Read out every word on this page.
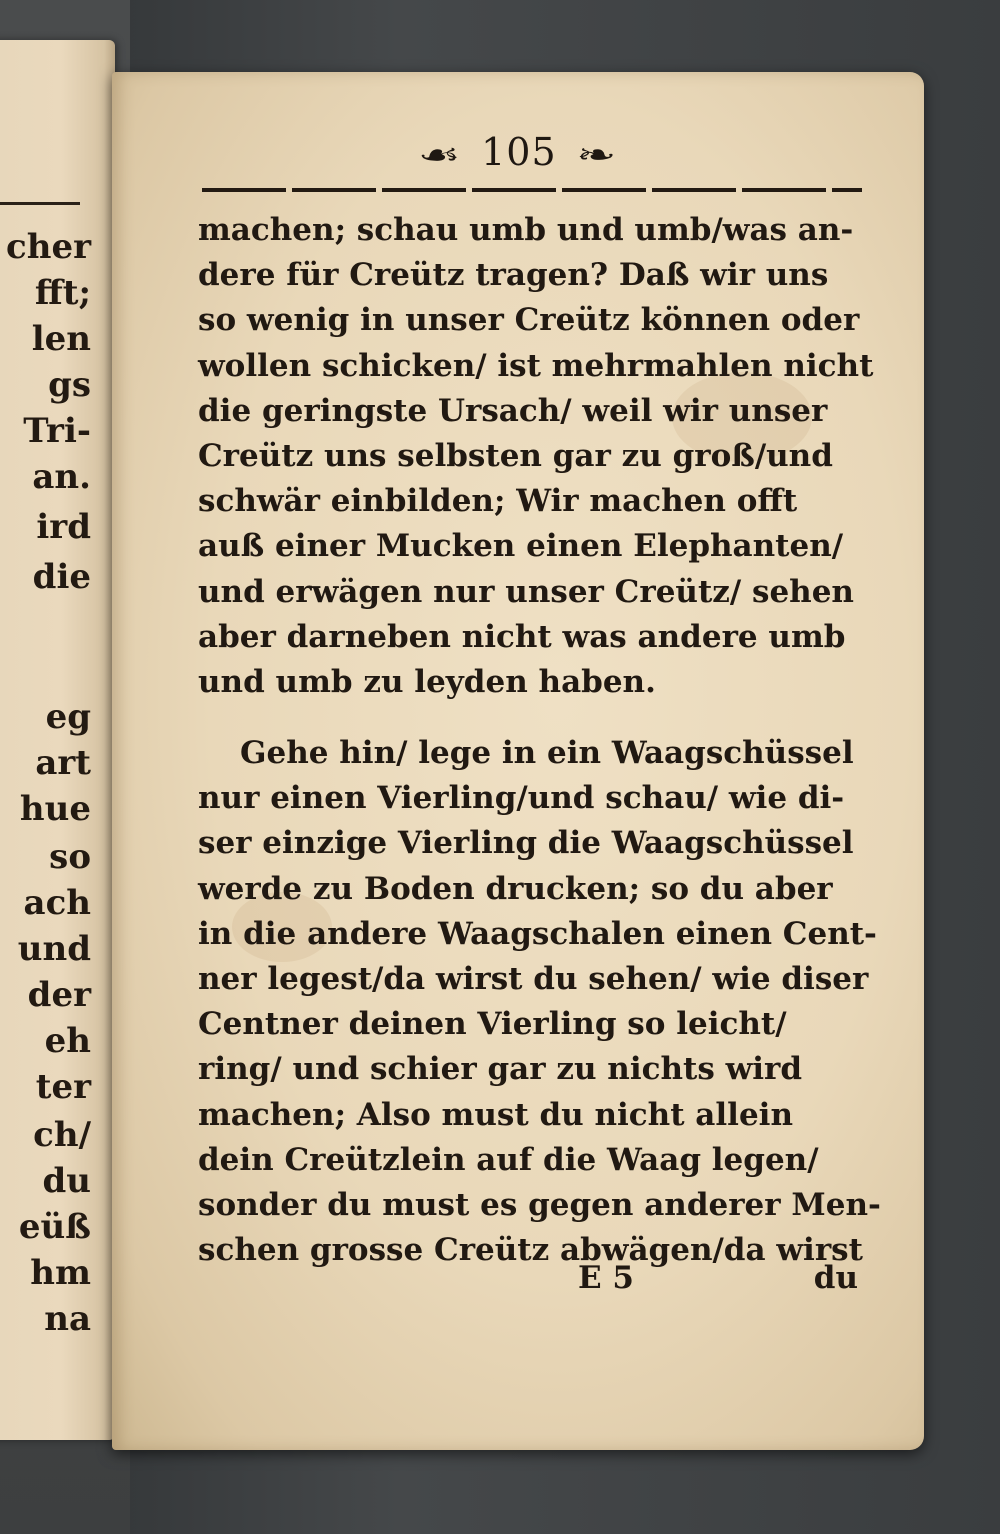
cher
fft;
len
gs
Tri-
an.
ird
die
eg
art
hue
so
ach
und
der
eh
ter
ch/
du
eüß
hm
na
☙ 105 ❧
machen; schau umb und umb/was an-
dere für Creütz tragen? Daß wir uns
so wenig in unser Creütz können oder
wollen schicken/ ist mehrmahlen nicht
die geringste Ursach/ weil wir unser
Creütz uns selbsten gar zu groß/und
schwär einbilden; Wir machen offt
auß einer Mucken einen Elephanten/
und erwägen nur unser Creütz/ sehen
aber darneben nicht was andere umb
und umb zu leyden haben.
Gehe hin/ lege in ein Waagschüssel
nur einen Vierling/und schau/ wie di-
ser einzige Vierling die Waagschüssel
werde zu Boden drucken; so du aber
in die andere Waagschalen einen Cent-
ner legest/da wirst du sehen/ wie diser
Centner deinen Vierling so leicht/
ring/ und schier gar zu nichts wird
machen; Also must du nicht allein
dein Creützlein auf die Waag legen/
sonder du must es gegen anderer Men-
schen grosse Creütz abwägen/da wirst
E 5	du
